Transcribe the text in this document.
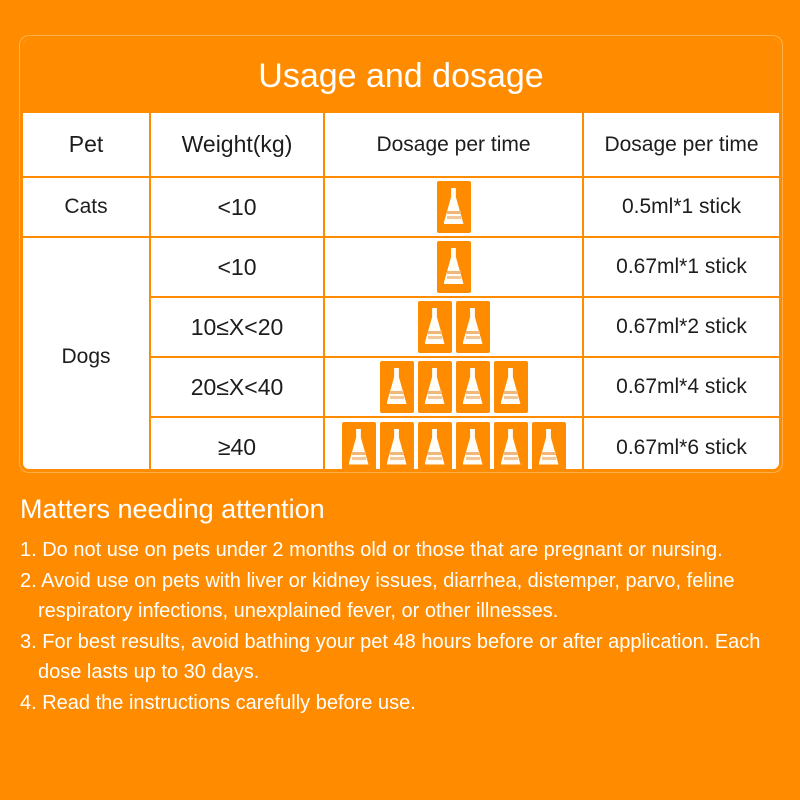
Usage and dosage
Pet	Weight(kg)	Dosage per time	Dosage per time
Cats	<10		0.5ml*1 stick
Dogs	<10		0.67ml*1 stick
	10≤X<20		0.67ml*2 stick
	20≤X<40		0.67ml*4 stick
	≥40		0.67ml*6 stick
Matters needing attention
1. Do not use on pets under 2 months old or those that are pregnant or nursing.
2. Avoid use on pets with liver or kidney issues, diarrhea, distemper, parvo, feline respiratory infections, unexplained fever, or other illnesses.
3. For best results, avoid bathing your pet 48 hours before or after application. Each dose lasts up to 30 days.
4. Read the instructions carefully before use.
